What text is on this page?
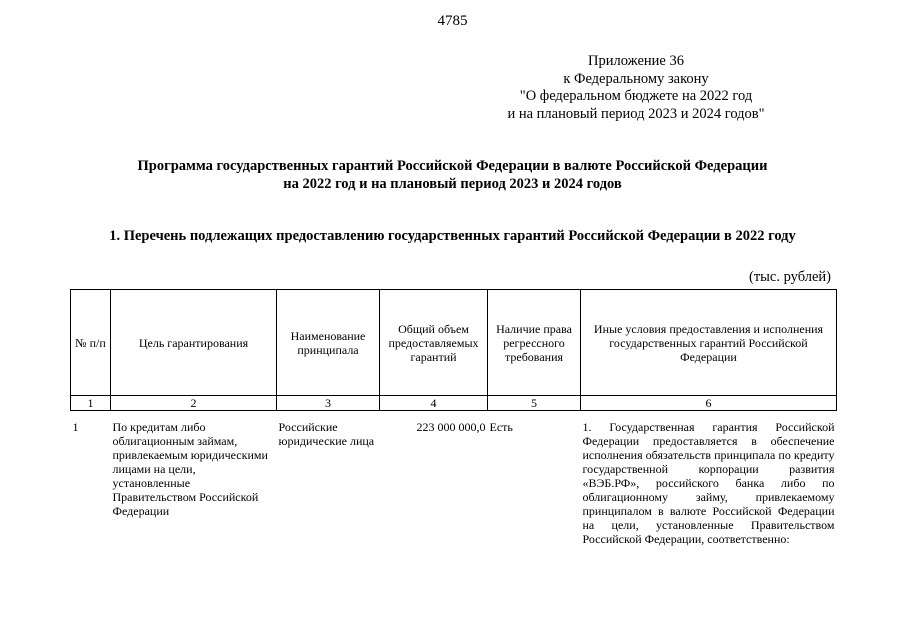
4785
Приложение 36
к Федеральному закону
"О федеральном бюджете на 2022 год
и на плановый период 2023 и 2024 годов"
Программа государственных гарантий Российской Федерации в валюте Российской Федерации
на 2022 год и на плановый период 2023 и 2024 годов
1. Перечень подлежащих предоставлению государственных гарантий Российской Федерации в 2022 году
(тыс. рублей)
№ п/п	Цель гарантирования	Наименование принципала	Общий объем предоставляемых гарантий	Наличие права регрессного требования	Иные условия предоставления и исполнения государственных гарантий Российской Федерации
1	2	3	4	5	6
1	По кредитам либо облигационным займам, привлекаемым юридическими лицами на цели, установленные Правительством Российской Федерации	Российские юридические лица	223 000 000,0	Есть	1. Государственная гарантия Российской Федерации предоставляется в обеспечение исполнения обязательств принципала по кредиту государственной корпорации развития «ВЭБ.РФ», российского банка либо по облигационному займу, привлекаемому принципалом в валюте Российской Федерации на цели, установленные Правительством Российской Федерации, соответственно:
